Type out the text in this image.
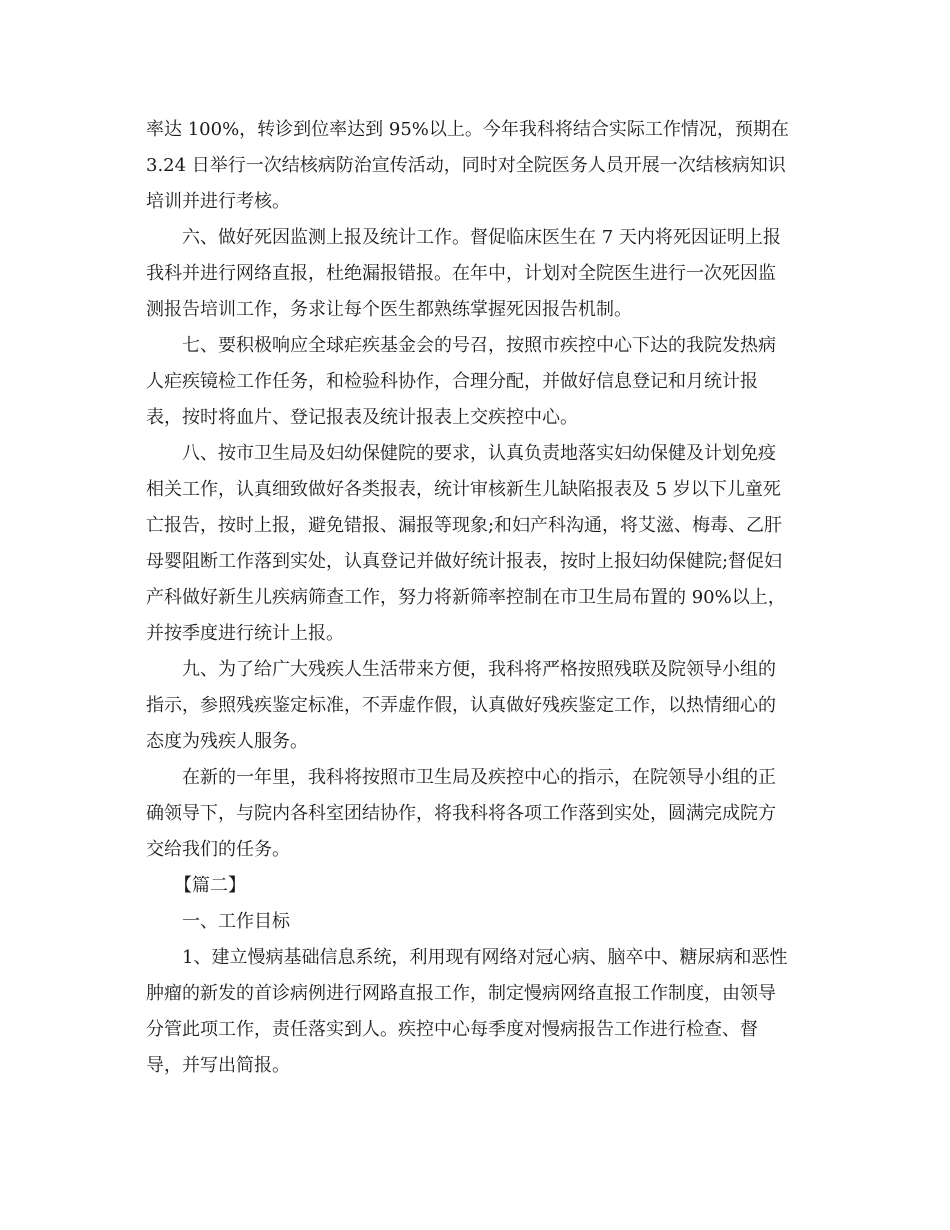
率达 100%，转诊到位率达到 95%以上。今年我科将结合实际工作情况，预期在
3.24 日举行一次结核病防治宣传活动，同时对全院医务人员开展一次结核病知识
培训并进行考核。
六、做好死因监测上报及统计工作。督促临床医生在 7 天内将死因证明上报
我科并进行网络直报，杜绝漏报错报。在年中，计划对全院医生进行一次死因监
测报告培训工作，务求让每个医生都熟练掌握死因报告机制。
七、要积极响应全球疟疾基金会的号召，按照市疾控中心下达的我院发热病
人疟疾镜检工作任务，和检验科协作，合理分配，并做好信息登记和月统计报
表，按时将血片、登记报表及统计报表上交疾控中心。
八、按市卫生局及妇幼保健院的要求，认真负责地落实妇幼保健及计划免疫
相关工作，认真细致做好各类报表，统计审核新生儿缺陷报表及 5 岁以下儿童死
亡报告，按时上报，避免错报、漏报等现象;和妇产科沟通，将艾滋、梅毒、乙肝
母婴阻断工作落到实处，认真登记并做好统计报表，按时上报妇幼保健院;督促妇
产科做好新生儿疾病筛查工作，努力将新筛率控制在市卫生局布置的 90%以上，
并按季度进行统计上报。
九、为了给广大残疾人生活带来方便，我科将严格按照残联及院领导小组的
指示，参照残疾鉴定标准，不弄虚作假，认真做好残疾鉴定工作，以热情细心的
态度为残疾人服务。
在新的一年里，我科将按照市卫生局及疾控中心的指示，在院领导小组的正
确领导下，与院内各科室团结协作，将我科将各项工作落到实处，圆满完成院方
交给我们的任务。
【篇二】
一、工作目标
1、建立慢病基础信息系统，利用现有网络对冠心病、脑卒中、糖尿病和恶性
肿瘤的新发的首诊病例进行网路直报工作，制定慢病网络直报工作制度，由领导
分管此项工作，责任落实到人。疾控中心每季度对慢病报告工作进行检查、督
导，并写出简报。
